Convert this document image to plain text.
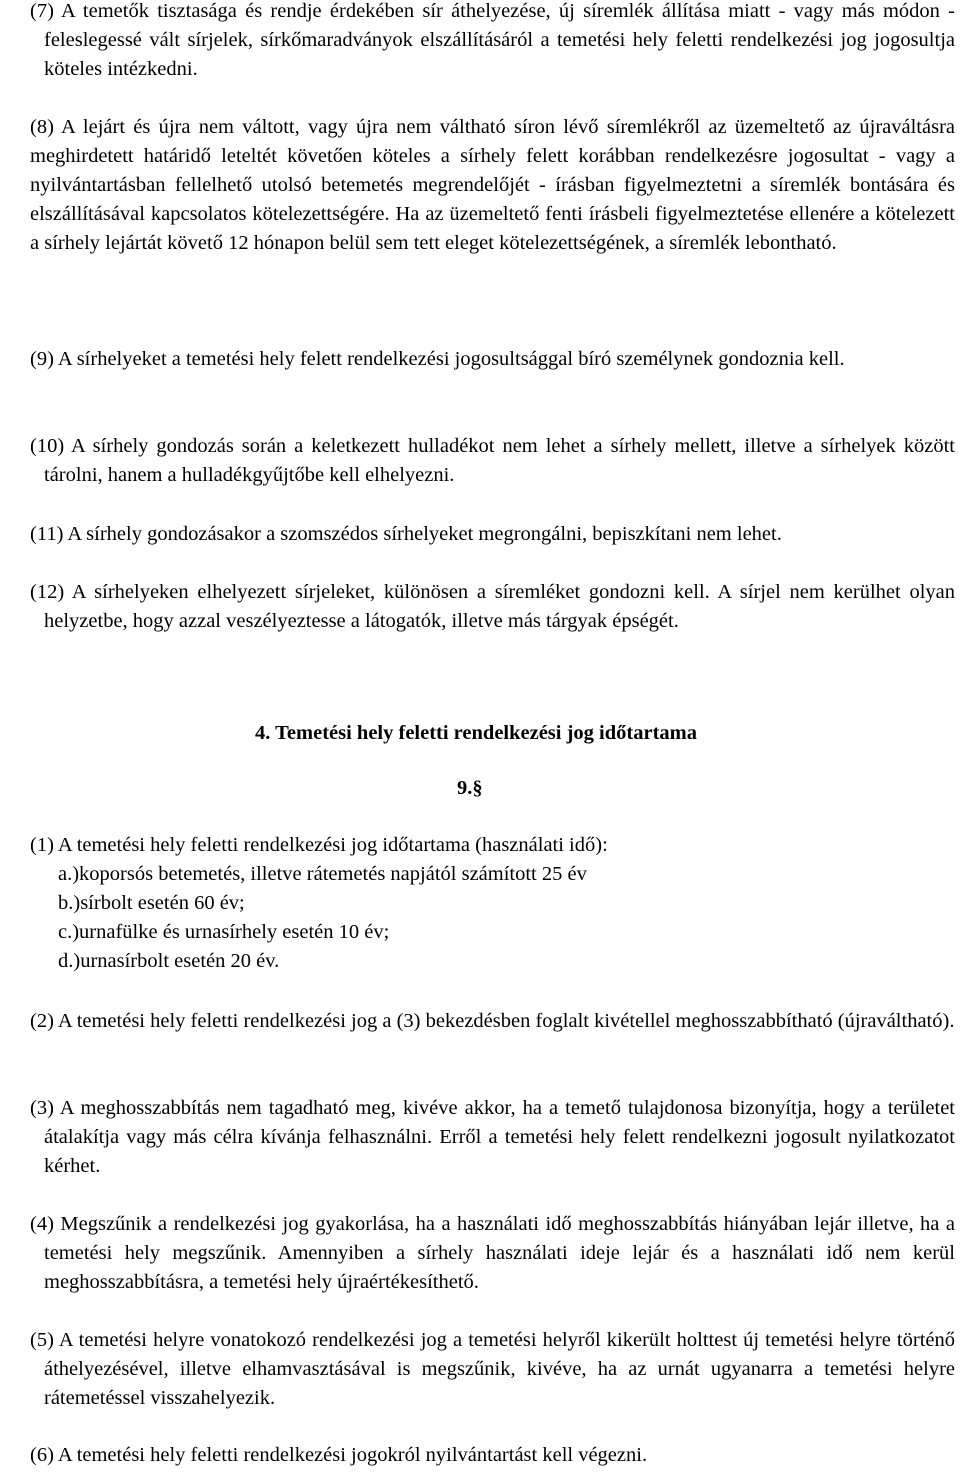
(7) A temetők tisztasága és rendje érdekében sír áthelyezése, új síremlék állítása miatt - vagy más módon - feleslegessé vált sírjelek, sírkőmaradványok elszállításáról a temetési hely feletti rendelkezési jog jogosultja köteles intézkedni.

(8) A lejárt és újra nem váltott, vagy újra nem váltható síron lévő síremlékről az üzemeltető az újraváltásra meghirdetett határidő leteltét követően köteles a sírhely felett korábban rendelkezésre jogosultat - vagy a nyilvántartásban fellelhető utolsó betemetés megrendelőjét - írásban figyelmeztetni a síremlék bontására és elszállításával kapcsolatos kötelezettségére. Ha az üzemeltető fenti írásbeli figyelmeztetése ellenére a kötelezett a sírhely lejártát követő 12 hónapon belül sem tett eleget kötelezettségének, a síremlék lebontható.

(9) A sírhelyeket a temetési hely felett rendelkezési jogosultsággal bíró személynek gondoznia kell.

(10) A sírhely gondozás során a keletkezett hulladékot nem lehet a sírhely mellett, illetve a sírhelyek között tárolni, hanem a hulladékgyűjtőbe kell elhelyezni.

(11) A sírhely gondozásakor a szomszédos sírhelyeket megrongálni, bepiszkítani nem lehet.

(12) A sírhelyeken elhelyezett sírjeleket, különösen a síremléket gondozni kell. A sírjel nem kerülhet olyan helyzetbe, hogy azzal veszélyeztesse a látogatók, illetve más tárgyak épségét.

4. Temetési hely feletti rendelkezési jog időtartama
9.§

(1) A temetési hely feletti rendelkezési jog időtartama (használati idő):

a.)koporsós betemetés, illetve rátemetés napjától számított 25 év

b.)sírbolt esetén 60 év;

c.)urnafülke és urnasírhely esetén 10 év;

d.)urnasírbolt esetén 20 év.

(2) A temetési hely feletti rendelkezési jog a (3) bekezdésben foglalt kivétellel meghosszabbítható (újraváltható).

(3) A meghosszabbítás nem tagadható meg, kivéve akkor, ha a temető tulajdonosa bizonyítja, hogy a területet átalakítja vagy más célra kívánja felhasználni. Erről a temetési hely felett rendelkezni jogosult nyilatkozatot kérhet.

(4) Megszűnik a rendelkezési jog gyakorlása, ha a használati idő meghosszabbítás hiányában lejár illetve, ha a temetési hely megszűnik. Amennyiben a sírhely használati ideje lejár és a használati idő nem kerül meghosszabbításra, a temetési hely újraértékesíthető.

(5) A temetési helyre vonatokozó rendelkezési jog a temetési helyről kikerült holttest új temetési helyre történő áthelyezésével, illetve elhamvasztásával is megszűnik, kivéve, ha az urnát ugyanarra a temetési helyre rátemetéssel visszahelyezik.

(6) A temetési hely feletti rendelkezési jogokról nyilvántartást kell végezni.
